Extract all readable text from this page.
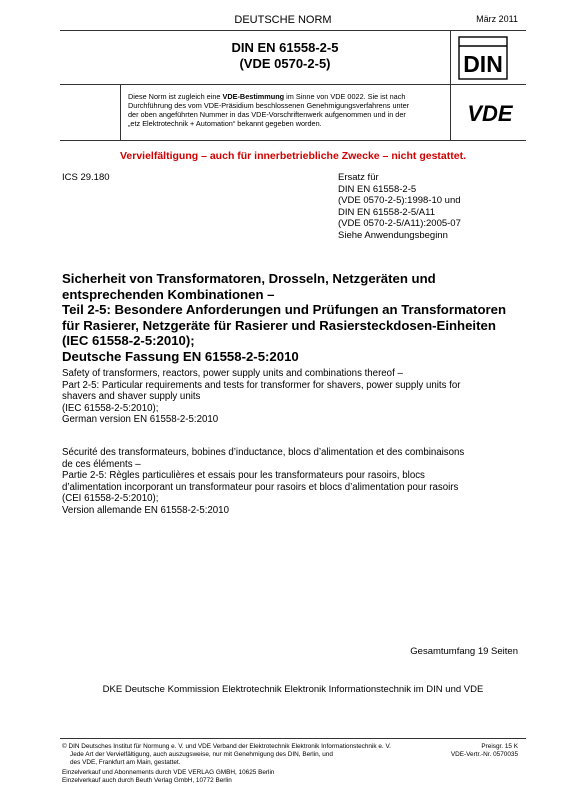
DEUTSCHE NORM	März 2011
DIN EN 61558-2-5
(VDE 0570-2-5)	DIN
Diese Norm ist zugleich eine VDE-Bestimmung im Sinne von VDE 0022. Sie ist nach
Durchführung des vom VDE-Präsidium beschlossenen Genehmigungsverfahrens unter
der oben angeführten Nummer in das VDE-Vorschriftenwerk aufgenommen und in der
„etz Elektrotechnik + Automation“ bekannt gegeben worden.	VDE
Vervielfältigung – auch für innerbetriebliche Zwecke – nicht gestattet.
ICS 29.180	Ersatz für
DIN EN 61558-2-5
(VDE 0570-2-5):1998-10 und
DIN EN 61558-2-5/A11
(VDE 0570-2-5/A11):2005-07
Siehe Anwendungsbeginn
Sicherheit von Transformatoren, Drosseln, Netzgeräten und
entsprechenden Kombinationen –
Teil 2-5: Besondere Anforderungen und Prüfungen an Transformatoren
für Rasierer, Netzgeräte für Rasierer und Rasiersteckdosen-Einheiten
(IEC 61558-2-5:2010);
Deutsche Fassung EN 61558-2-5:2010
Safety of transformers, reactors, power supply units and combinations thereof –
Part 2-5: Particular requirements and tests for transformer for shavers, power supply units for
shavers and shaver supply units
(IEC 61558-2-5:2010);
German version EN 61558-2-5:2010
Sécurité des transformateurs, bobines d’inductance, blocs d’alimentation et des combinaisons
de ces éléments –
Partie 2-5: Règles particulières et essais pour les transformateurs pour rasoirs, blocs
d’alimentation incorporant un transformateur pour rasoirs et blocs d’alimentation pour rasoirs
(CEI 61558-2-5:2010);
Version allemande EN 61558-2-5:2010
Gesamtumfang 19 Seiten
DKE Deutsche Kommission Elektrotechnik Elektronik Informationstechnik im DIN und VDE
© DIN Deutsches Institut für Normung e. V. und VDE Verband der Elektrotechnik Elektronik Informationstechnik e. V.
Jede Art der Vervielfältigung, auch auszugsweise, nur mit Genehmigung des DIN, Berlin, und
des VDE, Frankfurt am Main, gestattet.
Preisgr. 15 K
VDE-Vertr.-Nr. 0570035
Einzelverkauf und Abonnements durch VDE VERLAG GMBH, 10625 Berlin
Einzelverkauf auch durch Beuth Verlag GmbH, 10772 Berlin
